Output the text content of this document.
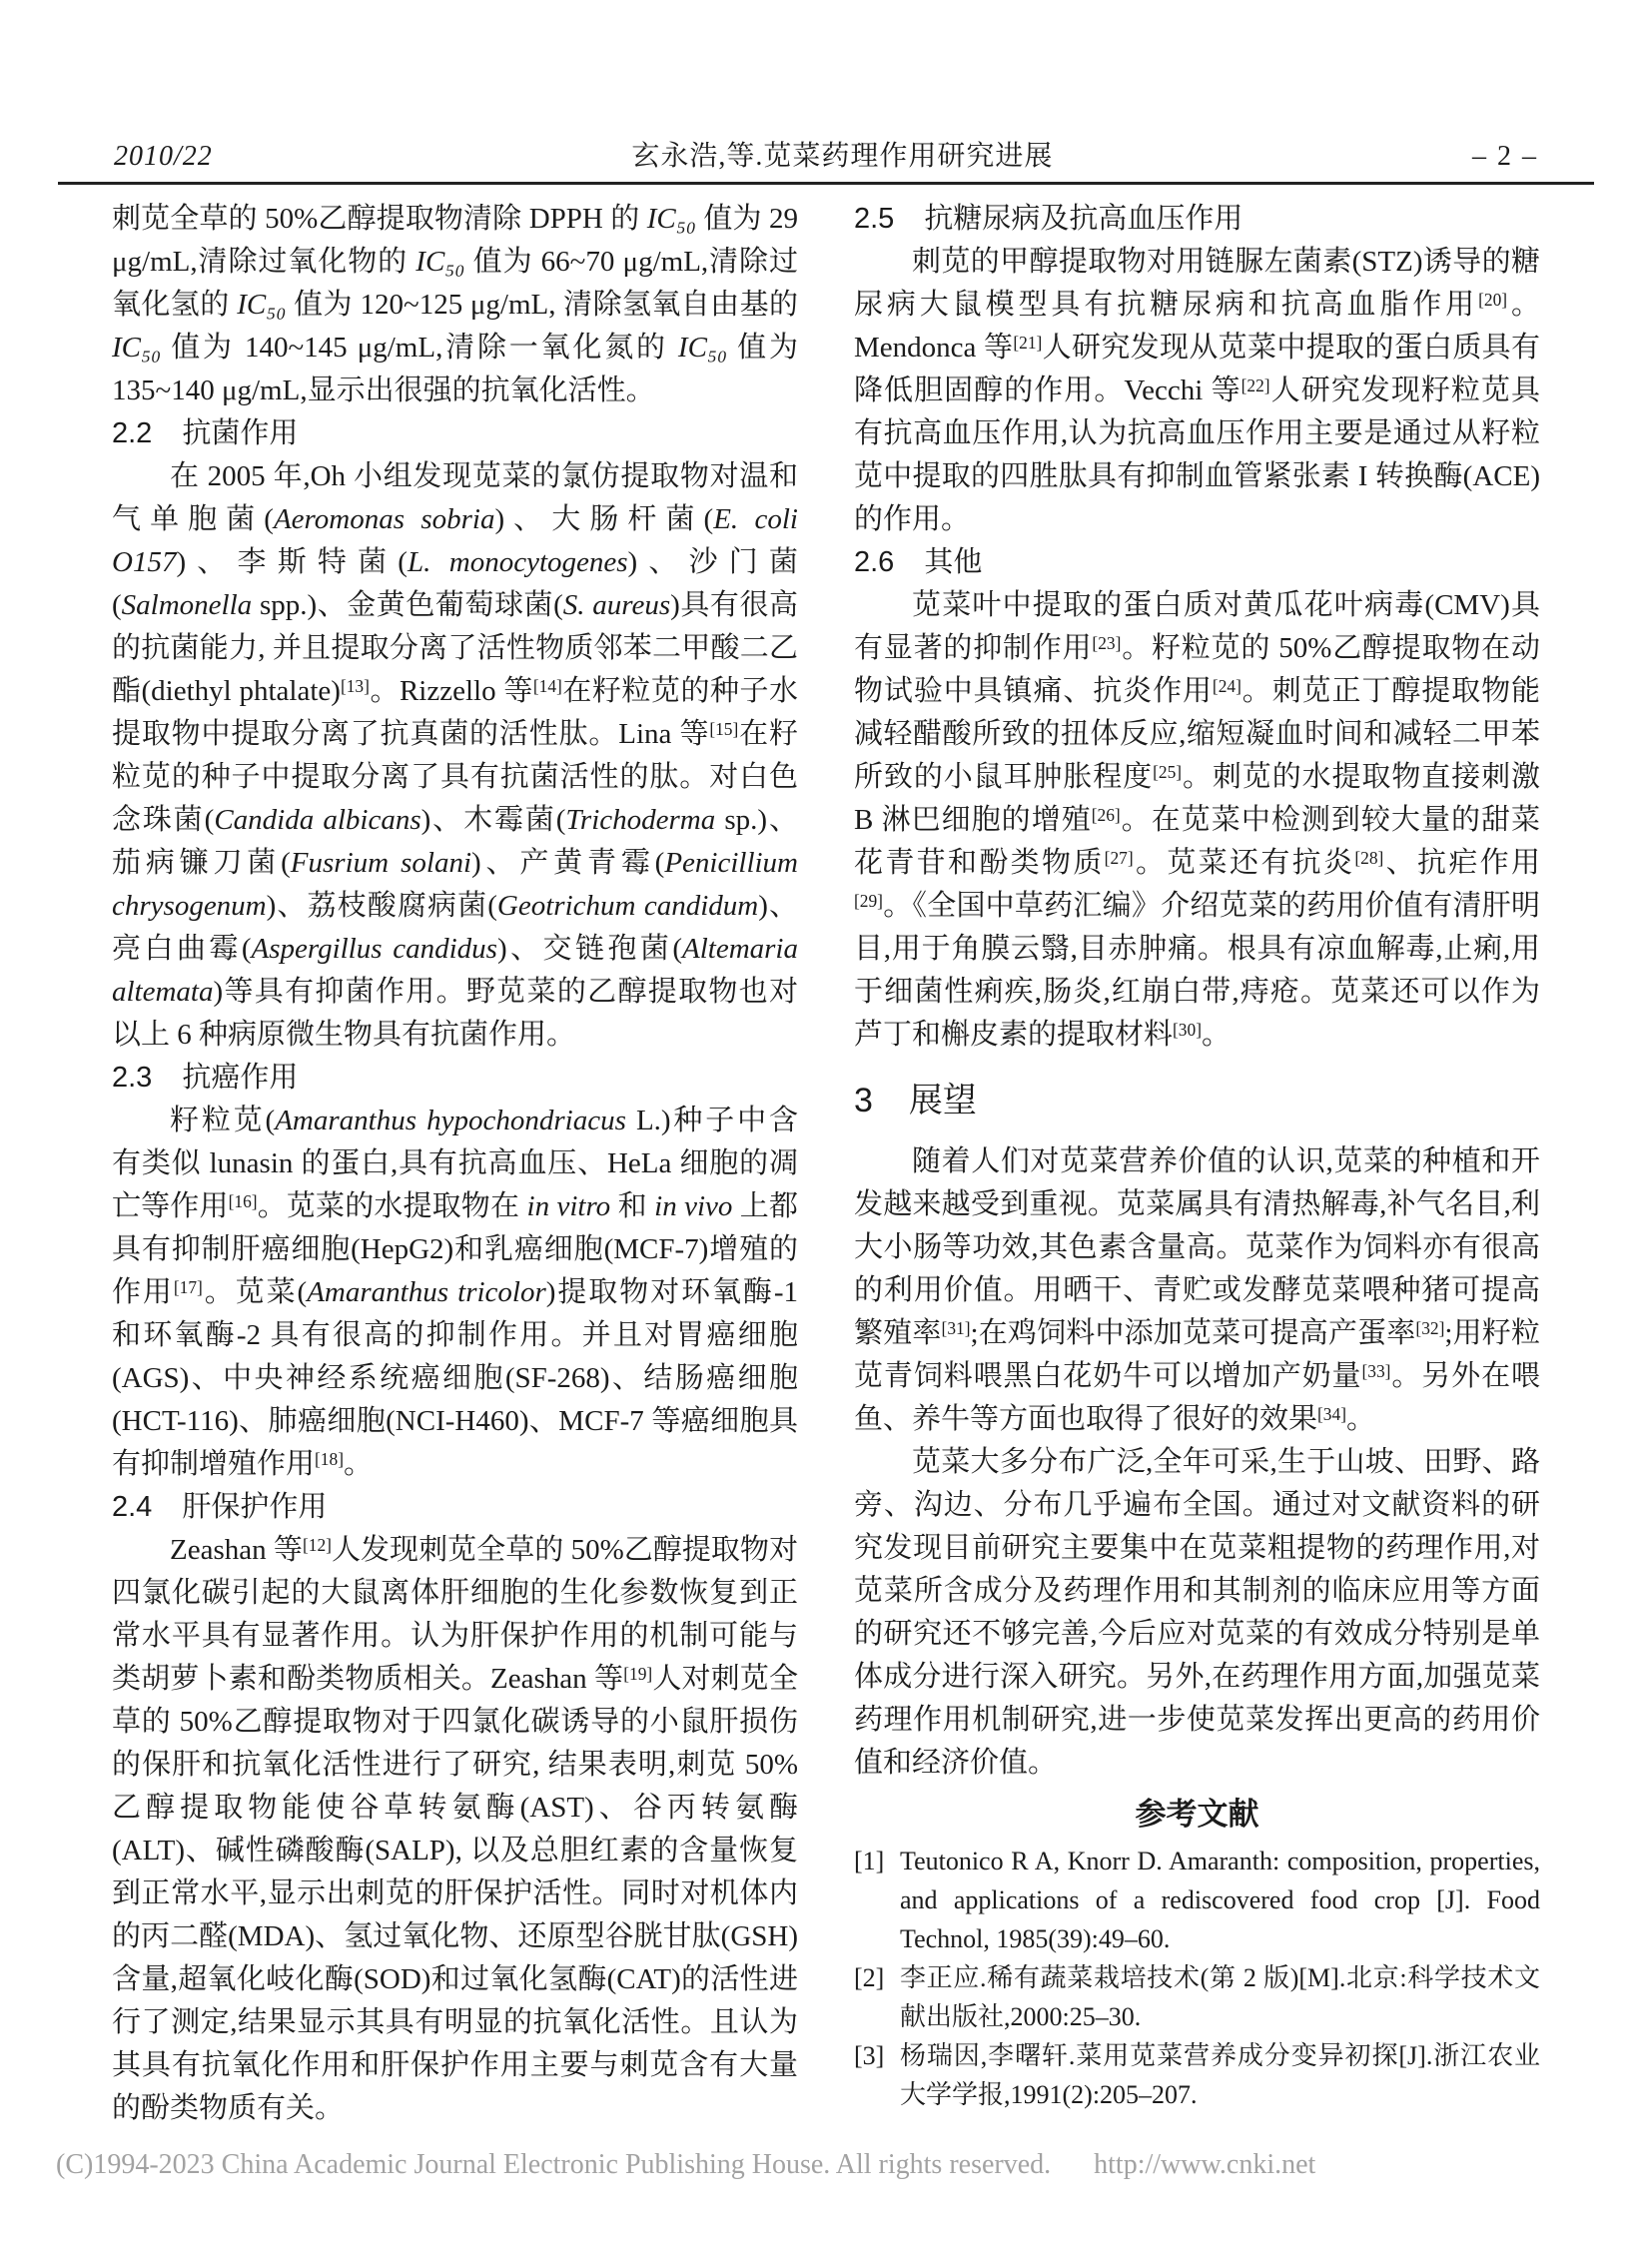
2010/22	玄永浩,等.苋菜药理作用研究进展	– 2 –

刺苋全草的 50%乙醇提取物清除 DPPH 的 IC₅₀ 值为 29 μg/mL,清除过氧化物的 IC₅₀ 值为 66~70 μg/mL,清除过氧化氢的 IC₅₀ 值为 120~125 μg/mL, 清除氢氧自由基的 IC₅₀ 值为 140~145 μg/mL,清除一氧化氮的 IC₅₀ 值为 135~140 μg/mL,显示出很强的抗氧化活性。

2.2 抗菌作用

在 2005 年,Oh 小组发现苋菜的氯仿提取物对温和气单胞菌(Aeromonas sobria)、大肠杆菌(E. coli O157)、李斯特菌(L. monocytogenes)、沙门菌(Salmonella spp.)、金黄色葡萄球菌(S. aureus)具有很高的抗菌能力, 并且提取分离了活性物质邻苯二甲酸二乙酯(diethyl phtalate)[13]。Rizzello 等[14]在籽粒苋的种子水提取物中提取分离了抗真菌的活性肽。Lina 等[15]在籽粒苋的种子中提取分离了具有抗菌活性的肽。对白色念珠菌(Candida albicans)、木霉菌(Trichoderma sp.)、茄病镰刀菌(Fusrium solani)、产黄青霉(Penicillium chrysogenum)、荔枝酸腐病菌(Geotrichum candidum)、亮白曲霉(Aspergillus candidus)、交链孢菌(Altemaria altemata)等具有抑菌作用。野苋菜的乙醇提取物也对以上 6 种病原微生物具有抗菌作用。

2.3 抗癌作用

籽粒苋(Amaranthus hypochondriacus L.)种子中含有类似 lunasin 的蛋白,具有抗高血压、HeLa 细胞的凋亡等作用[16]。苋菜的水提取物在 in vitro 和 in vivo 上都具有抑制肝癌细胞(HepG2)和乳癌细胞(MCF-7)增殖的作用[17]。苋菜(Amaranthus tricolor)提取物对环氧酶-1 和环氧酶-2 具有很高的抑制作用。并且对胃癌细胞(AGS)、中央神经系统癌细胞(SF-268)、结肠癌细胞(HCT-116)、肺癌细胞(NCI-H460)、MCF-7 等癌细胞具有抑制增殖作用[18]。

2.4 肝保护作用

Zeashan 等[12]人发现刺苋全草的 50%乙醇提取物对四氯化碳引起的大鼠离体肝细胞的生化参数恢复到正常水平具有显著作用。认为肝保护作用的机制可能与类胡萝卜素和酚类物质相关。Zeashan 等[19]人对刺苋全草的 50%乙醇提取物对于四氯化碳诱导的小鼠肝损伤的保肝和抗氧化活性进行了研究, 结果表明,刺苋 50%乙醇提取物能使谷草转氨酶(AST)、谷丙转氨酶(ALT)、碱性磷酸酶(SALP), 以及总胆红素的含量恢复到正常水平,显示出刺苋的肝保护活性。同时对机体内的丙二醛(MDA)、氢过氧化物、还原型谷胱甘肽(GSH)含量,超氧化岐化酶(SOD)和过氧化氢酶(CAT)的活性进行了测定,结果显示其具有明显的抗氧化活性。且认为其具有抗氧化作用和肝保护作用主要与刺苋含有大量的酚类物质有关。

2.5 抗糖尿病及抗高血压作用

刺苋的甲醇提取物对用链脲左菌素(STZ)诱导的糖尿病大鼠模型具有抗糖尿病和抗高血脂作用[20]。Mendonca 等[21]人研究发现从苋菜中提取的蛋白质具有降低胆固醇的作用。Vecchi 等[22]人研究发现籽粒苋具有抗高血压作用,认为抗高血压作用主要是通过从籽粒苋中提取的四胜肽具有抑制血管紧张素 I 转换酶(ACE)的作用。

2.6 其他

苋菜叶中提取的蛋白质对黄瓜花叶病毒(CMV)具有显著的抑制作用[23]。籽粒苋的 50%乙醇提取物在动物试验中具镇痛、抗炎作用[24]。刺苋正丁醇提取物能减轻醋酸所致的扭体反应,缩短凝血时间和减轻二甲苯所致的小鼠耳肿胀程度[25]。刺苋的水提取物直接刺激 B 淋巴细胞的增殖[26]。在苋菜中检测到较大量的甜菜花青苷和酚类物质[27]。苋菜还有抗炎[28]、抗疟作用[29]。《全国中草药汇编》介绍苋菜的药用价值有清肝明目,用于角膜云翳,目赤肿痛。根具有凉血解毒,止痢,用于细菌性痢疾,肠炎,红崩白带,痔疮。苋菜还可以作为芦丁和槲皮素的提取材料[30]。

3 展望

随着人们对苋菜营养价值的认识,苋菜的种植和开发越来越受到重视。苋菜属具有清热解毒,补气名目,利大小肠等功效,其色素含量高。苋菜作为饲料亦有很高的利用价值。用晒干、青贮或发酵苋菜喂种猪可提高繁殖率[31];在鸡饲料中添加苋菜可提高产蛋率[32];用籽粒苋青饲料喂黑白花奶牛可以增加产奶量[33]。另外在喂鱼、养牛等方面也取得了很好的效果[34]。

苋菜大多分布广泛,全年可采,生于山坡、田野、路旁、沟边、分布几乎遍布全国。通过对文献资料的研究发现目前研究主要集中在苋菜粗提物的药理作用,对苋菜所含成分及药理作用和其制剂的临床应用等方面的研究还不够完善,今后应对苋菜的有效成分特别是单体成分进行深入研究。另外,在药理作用方面,加强苋菜药理作用机制研究,进一步使苋菜发挥出更高的药用价值和经济价值。

参考文献
[1] Teutonico R A, Knorr D. Amaranth: composition, properties, and applications of a rediscovered food crop [J]. Food Technol, 1985(39):49–60.

[2] 李正应.稀有蔬菜栽培技术(第 2 版)[M].北京:科学技术文献出版社,2000:25–30.

[3] 杨瑞因,李曙轩.菜用苋菜营养成分变异初探[J].浙江农业大学学报,1991(2):205–207.

(C)1994-2023 China Academic Journal Electronic Publishing House. All rights reserved. http://www.cnki.net
